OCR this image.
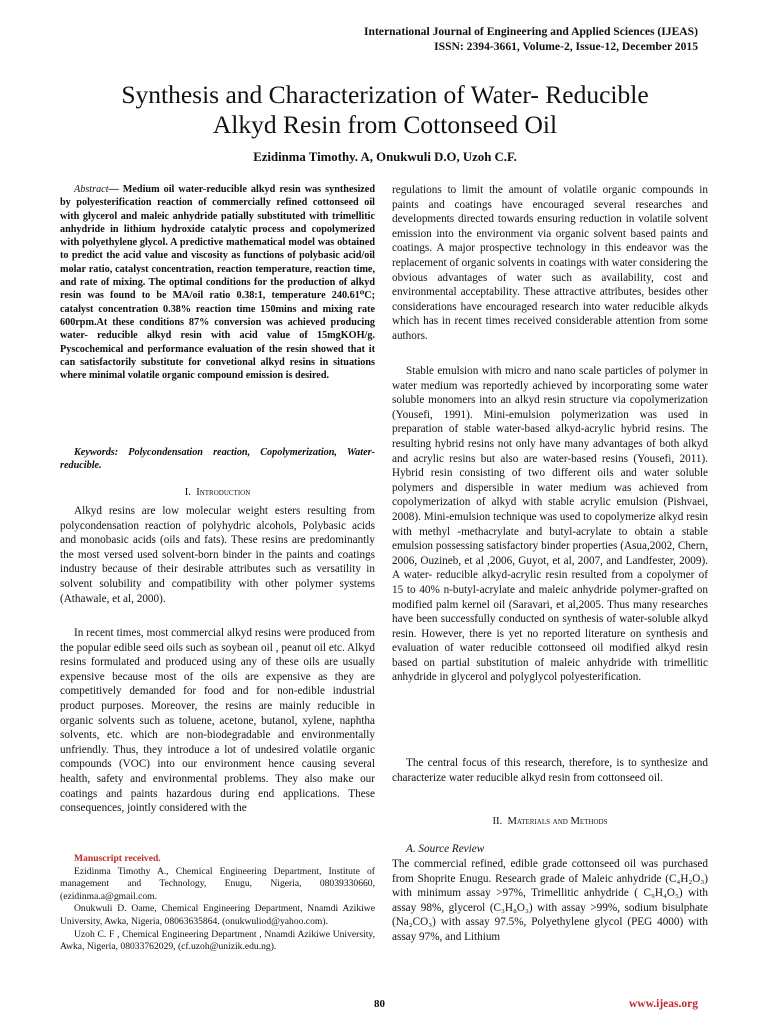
International Journal of Engineering and Applied Sciences (IJEAS)
ISSN: 2394-3661, Volume-2, Issue-12, December 2015
Synthesis and Characterization of Water- Reducible
Alkyd Resin from Cottonseed Oil
Ezidinma Timothy. A, Onukwuli D.O, Uzoh C.F.
Abstract— Medium oil water-reducible alkyd resin was synthesized by polyesterification reaction of commercially refined cottonseed oil with glycerol and maleic anhydride patially substituted with trimellitic anhydride in lithium hydroxide catalytic process and copolymerized with polyethylene glycol. A predictive mathematical model was obtained to predict the acid value and viscosity as functions of polybasic acid/oil molar ratio, catalyst concentration, reaction temperature, reaction time, and rate of mixing. The optimal conditions for the production of alkyd resin was found to be MA/oil ratio 0.38:1, temperature 240.61⁰C; catalyst concentration 0.38% reaction time 150mins and mixing rate 600rpm.At these conditions 87% conversion was achieved producing water- reducible alkyd resin with acid value of 15mgKOH/g. Pyscochemical and performance evaluation of the resin showed that it can satisfactorily substitute for convetional alkyd resins in situations where minimal volatile organic compound emission is desired.
Keywords: Polycondensation reaction, Copolymerization, Water-reducible.
I. Introduction

Alkyd resins are low molecular weight esters resulting from polycondensation reaction of polyhydric alcohols, Polybasic acids and monobasic acids (oils and fats). These resins are predominantly the most versed used solvent-born binder in the paints and coatings industry because of their desirable attributes such as versatility in solvent solubility and compatibility with other polymer systems (Athawale, et al, 2000).

In recent times, most commercial alkyd resins were produced from the popular edible seed oils such as soybean oil , peanut oil etc. Alkyd resins formulated and produced using any of these oils are usually expensive because most of the oils are expensive as they are competitively demanded for food and for non-edible industrial product purposes. Moreover, the resins are mainly reducible in organic solvents such as toluene, acetone, butanol, xylene, naphtha solvents, etc. which are non-biodegradable and environmentally unfriendly. Thus, they introduce a lot of undesired volatile organic compounds (VOC) into our environment hence causing several health, safety and environmental problems. They also make our coatings and paints hazardous during end applications. These consequences, jointly considered with the

Manuscript received.

Ezidinma Timothy A., Chemical Engineering Department, Institute of management and Technology, Enugu, Nigeria, 08039330660, (ezidinma.a@gmail.com.

Onukwuli D. Oame, Chemical Engineering Department, Nnamdi Azikiwe University, Awka, Nigeria, 08063635864. (onukwuliod@yahoo.com).

Uzoh C. F , Chemical Engineering Department , Nnamdi Azikiwe University, Awka, Nigeria, 08033762029, (cf.uzoh@unizik.edu.ng).

regulations to limit the amount of volatile organic compounds in paints and coatings have encouraged several researches and developments directed towards ensuring reduction in volatile solvent emission into the environment via organic solvent based paints and coatings. A major prospective technology in this endeavor was the replacement of organic solvents in coatings with water considering the obvious advantages of water such as availability, cost and environmental acceptability. These attractive attributes, besides other considerations have encouraged research into water reducible alkyds which has in recent times received considerable attention from some authors.

Stable emulsion with micro and nano scale particles of polymer in water medium was reportedly achieved by incorporating some water soluble monomers into an alkyd resin structure via copolymerization (Yousefi, 1991). Mini-emulsion polymerization was used in preparation of stable water-based alkyd-acrylic hybrid resins. The resulting hybrid resins not only have many advantages of both alkyd and acrylic resins but also are water-based resins (Yousefi, 2011). Hybrid resin consisting of two different oils and water soluble polymers and dispersible in water medium was achieved from copolymerization of alkyd with stable acrylic emulsion (Pishvaei, 2008). Mini-emulsion technique was used to copolymerize alkyd resin with methyl -methacrylate and butyl-acrylate to obtain a stable emulsion possessing satisfactory binder properties (Asua,2002, Chern, 2006, Ouzineb, et al ,2006, Guyot, et al, 2007, and Landfester, 2009). A water- reducible alkyd-acrylic resin resulted from a copolymer of 15 to 40% n-butyl-acrylate and maleic anhydride polymer-grafted on modified palm kernel oil (Saravari, et al,2005. Thus many researches have been successfully conducted on synthesis of water-soluble alkyd resin. However, there is yet no reported literature on synthesis and evaluation of water reducible cottonseed oil modified alkyd resin based on partial substitution of maleic anhydride with trimellitic anhydride in glycerol and polyglycol polyesterification.

The central focus of this research, therefore, is to synthesize and characterize water reducible alkyd resin from cottonseed oil.

II. Materials and Methods
A. Source Review

The commercial refined, edible grade cottonseed oil was purchased from Shoprite Enugu. Research grade of Maleic anhydride (C₄H₂O₃) with minimum assay >97%, Trimellitic anhydride ( C₉H₄O₅) with assay 98%, glycerol (C₃H₈O₃) with assay >99%, sodium bisulphate (Na₂CO₃) with assay 97.5%, Polyethylene glycol (PEG 4000) with assay 97%, and Lithium

80	www.ijeas.org
